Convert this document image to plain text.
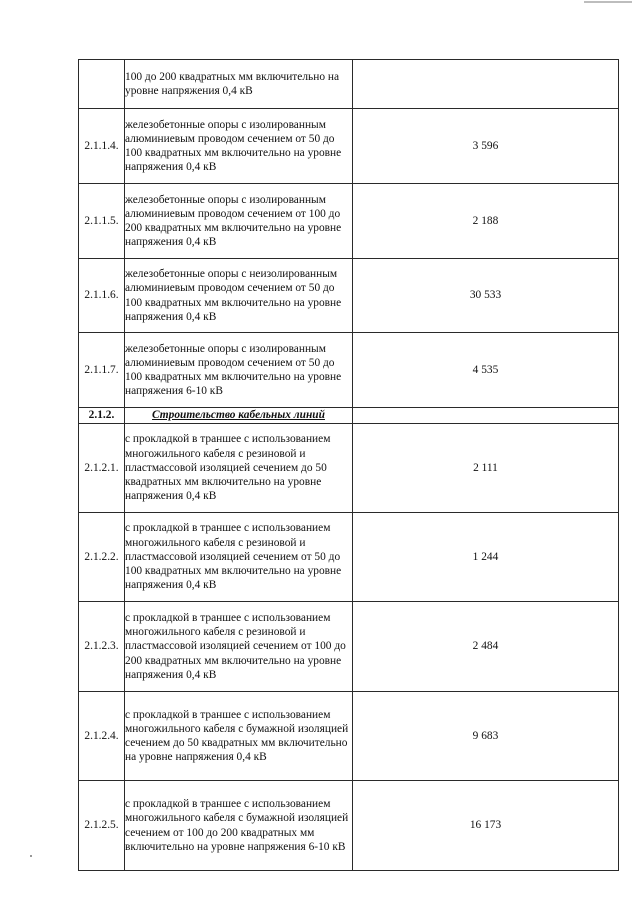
	100 до 200 квадратных мм включительно на уровне напряжения 0,4 кВ	
2.1.1.4.	железобетонные опоры с изолированным алюминиевым проводом сечением от 50 до 100 квадратных мм включительно на уровне напряжения 0,4 кВ	3 596
2.1.1.5.	железобетонные опоры с изолированным алюминиевым проводом сечением от 100 до 200 квадратных мм включительно на уровне напряжения 0,4 кВ	2 188
2.1.1.6.	железобетонные опоры с неизолированным алюминиевым проводом сечением от 50 до 100 квадратных мм включительно на уровне напряжения 0,4 кВ	30 533
2.1.1.7.	железобетонные опоры с изолированным алюминиевым проводом сечением от 50 до 100 квадратных мм включительно на уровне напряжения 6-10 кВ	4 535
2.1.2.	Строительство кабельных линий	
2.1.2.1.	с прокладкой в траншее с использованием многожильного кабеля с резиновой и пластмассовой изоляцией сечением до 50 квадратных мм включительно на уровне напряжения 0,4 кВ	2 111
2.1.2.2.	с прокладкой в траншее с использованием многожильного кабеля с резиновой и пластмассовой изоляцией сечением от 50 до 100 квадратных мм включительно на уровне напряжения 0,4 кВ	1 244
2.1.2.3.	с прокладкой в траншее с использованием многожильного кабеля с резиновой и пластмассовой изоляцией сечением от 100 до 200 квадратных мм включительно на уровне напряжения 0,4 кВ	2 484
2.1.2.4.	с прокладкой в траншее с использованием многожильного кабеля с бумажной изоляцией сечением до 50 квадратных мм включительно на уровне напряжения 0,4 кВ	9 683
2.1.2.5.	с прокладкой в траншее с использованием многожильного кабеля с бумажной изоляцией сечением от 100 до 200 квадратных мм включительно на уровне напряжения 6-10 кВ	16 173
